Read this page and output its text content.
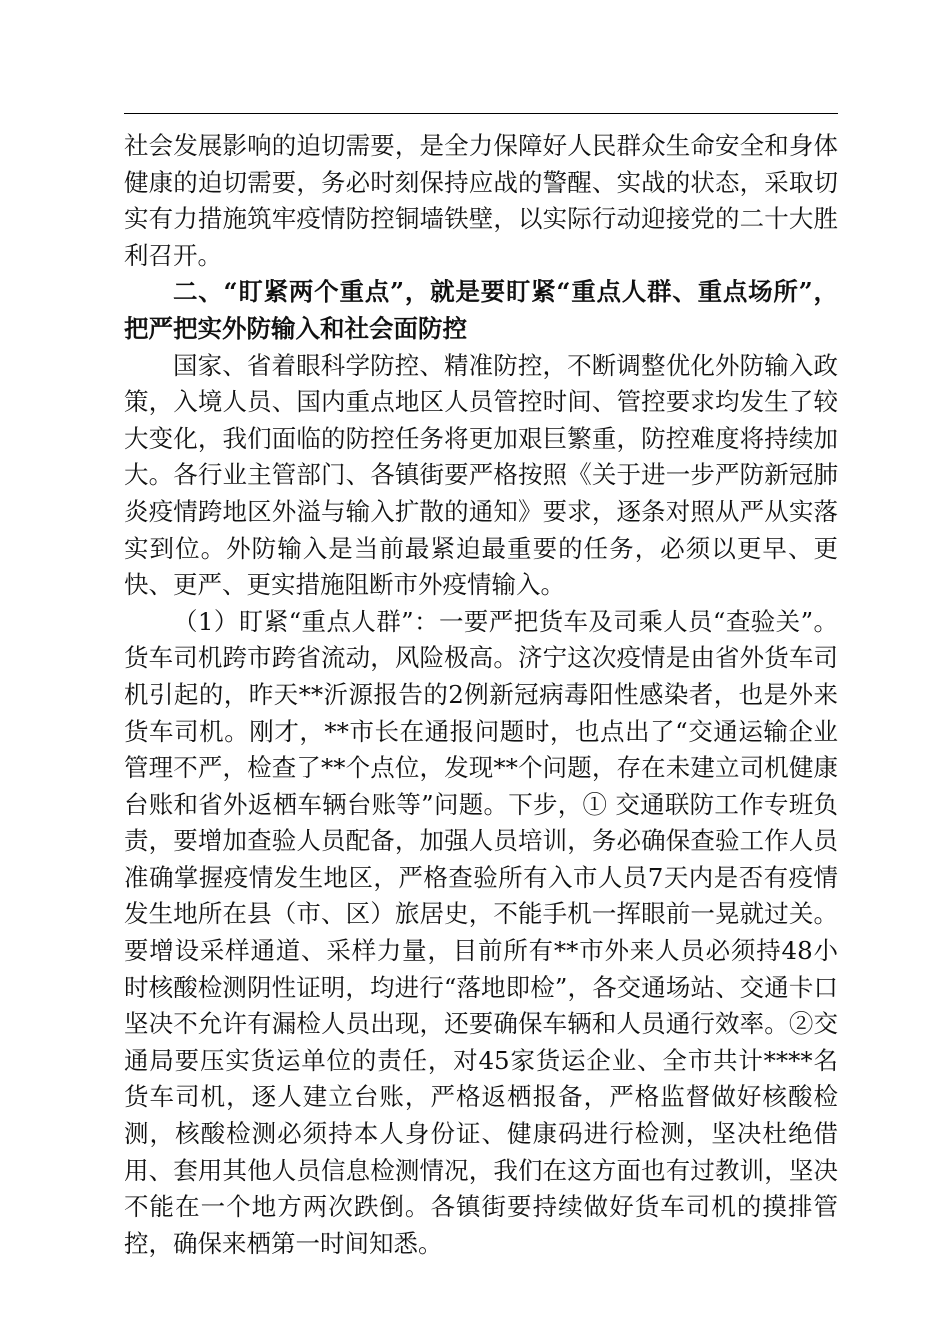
社会发展影响的迫切需要，是全力保障好人民群众生命安全和身体健康的迫切需要，务必时刻保持应战的警醒、实战的状态，采取切实有力措施筑牢疫情防控铜墙铁壁，以实际行动迎接党的二十大胜利召开。

二、“盯紧两个重点”，就是要盯紧“重点人群、重点场所”，把严把实外防输入和社会面防控

国家、省着眼科学防控、精准防控，不断调整优化外防输入政策，入境人员、国内重点地区人员管控时间、管控要求均发生了较大变化，我们面临的防控任务将更加艰巨繁重，防控难度将持续加大。各行业主管部门、各镇街要严格按照《关于进一步严防新冠肺炎疫情跨地区外溢与输入扩散的通知》要求，逐条对照从严从实落实到位。外防输入是当前最紧迫最重要的任务，必须以更早、更快、更严、更实措施阻断市外疫情输入。

（1）盯紧“重点人群”：一要严把货车及司乘人员“查验关”。货车司机跨市跨省流动，风险极高。济宁这次疫情是由省外货车司机引起的，昨天**沂源报告的2例新冠病毒阳性感染者，也是外来货车司机。刚才，**市长在通报问题时，也点出了“交通运输企业管理不严，检查了**个点位，发现**个问题，存在未建立司机健康台账和省外返栖车辆台账等”问题。下步，① 交通联防工作专班负责，要增加查验人员配备，加强人员培训，务必确保查验工作人员准确掌握疫情发生地区，严格查验所有入市人员7天内是否有疫情发生地所在县（市、区）旅居史，不能手机一挥眼前一晃就过关。要增设采样通道、采样力量，目前所有**市外来人员必须持48小时核酸检测阴性证明，均进行“落地即检”，各交通场站、交通卡口坚决不允许有漏检人员出现，还要确保车辆和人员通行效率。②交通局要压实货运单位的责任，对45家货运企业、全市共计****名货车司机，逐人建立台账，严格返栖报备，严格监督做好核酸检测，核酸检测必须持本人身份证、健康码进行检测，坚决杜绝借用、套用其他人员信息检测情况，我们在这方面也有过教训，坚决不能在一个地方两次跌倒。各镇街要持续做好货车司机的摸排管控，确保来栖第一时间知悉。
